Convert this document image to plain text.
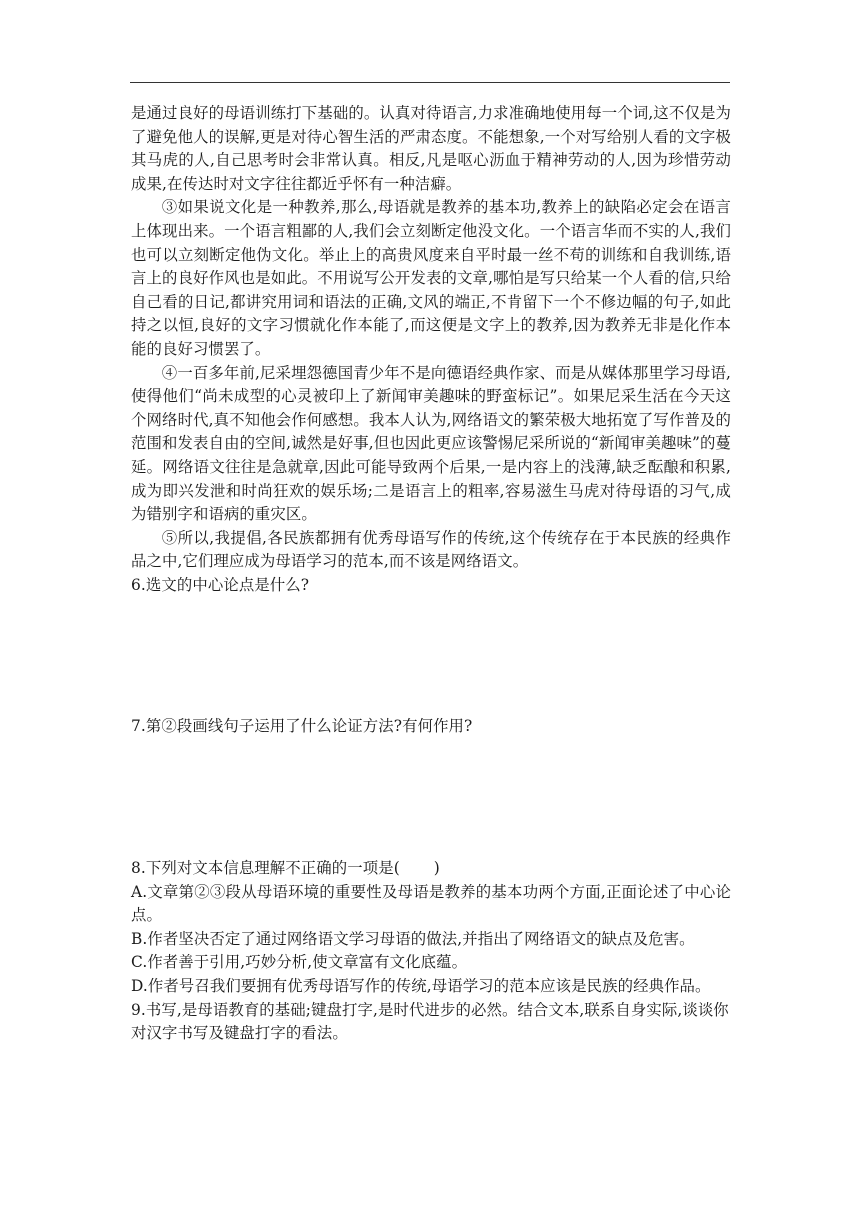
是通过良好的母语训练打下基础的。认真对待语言,力求准确地使用每一个词,这不仅是为了避免他人的误解,更是对待心智生活的严肃态度。不能想象,一个对写给别人看的文字极其马虎的人,自己思考时会非常认真。相反,凡是呕心沥血于精神劳动的人,因为珍惜劳动成果,在传达时对文字往往都近乎怀有一种洁癖。

③如果说文化是一种教养,那么,母语就是教养的基本功,教养上的缺陷必定会在语言上体现出来。一个语言粗鄙的人,我们会立刻断定他没文化。一个语言华而不实的人,我们也可以立刻断定他伪文化。举止上的高贵风度来自平时最一丝不苟的训练和自我训练,语言上的良好作风也是如此。不用说写公开发表的文章,哪怕是写只给某一个人看的信,只给自己看的日记,都讲究用词和语法的正确,文风的端正,不肯留下一个不修边幅的句子,如此持之以恒,良好的文字习惯就化作本能了,而这便是文字上的教养,因为教养无非是化作本能的良好习惯罢了。

④一百多年前,尼采埋怨德国青少年不是向德语经典作家、而是从媒体那里学习母语,使得他们“尚未成型的心灵被印上了新闻审美趣味的野蛮标记”。如果尼采生活在今天这个网络时代,真不知他会作何感想。我本人认为,网络语文的繁荣极大地拓宽了写作普及的范围和发表自由的空间,诚然是好事,但也因此更应该警惕尼采所说的“新闻审美趣味”的蔓延。网络语文往往是急就章,因此可能导致两个后果,一是内容上的浅薄,缺乏酝酿和积累,成为即兴发泄和时尚狂欢的娱乐场;二是语言上的粗率,容易滋生马虎对待母语的习气,成为错别字和语病的重灾区。

⑤所以,我提倡,各民族都拥有优秀母语写作的传统,这个传统存在于本民族的经典作品之中,它们理应成为母语学习的范本,而不该是网络语文。

6.选文的中心论点是什么?

7.第②段画线句子运用了什么论证方法?有何作用?

8.下列对文本信息理解不正确的一项是( )

A.文章第②③段从母语环境的重要性及母语是教养的基本功两个方面,正面论述了中心论点。

B.作者坚决否定了通过网络语文学习母语的做法,并指出了网络语文的缺点及危害。

C.作者善于引用,巧妙分析,使文章富有文化底蕴。

D.作者号召我们要拥有优秀母语写作的传统,母语学习的范本应该是民族的经典作品。

9.书写,是母语教育的基础;键盘打字,是时代进步的必然。结合文本,联系自身实际,谈谈你对汉字书写及键盘打字的看法。
